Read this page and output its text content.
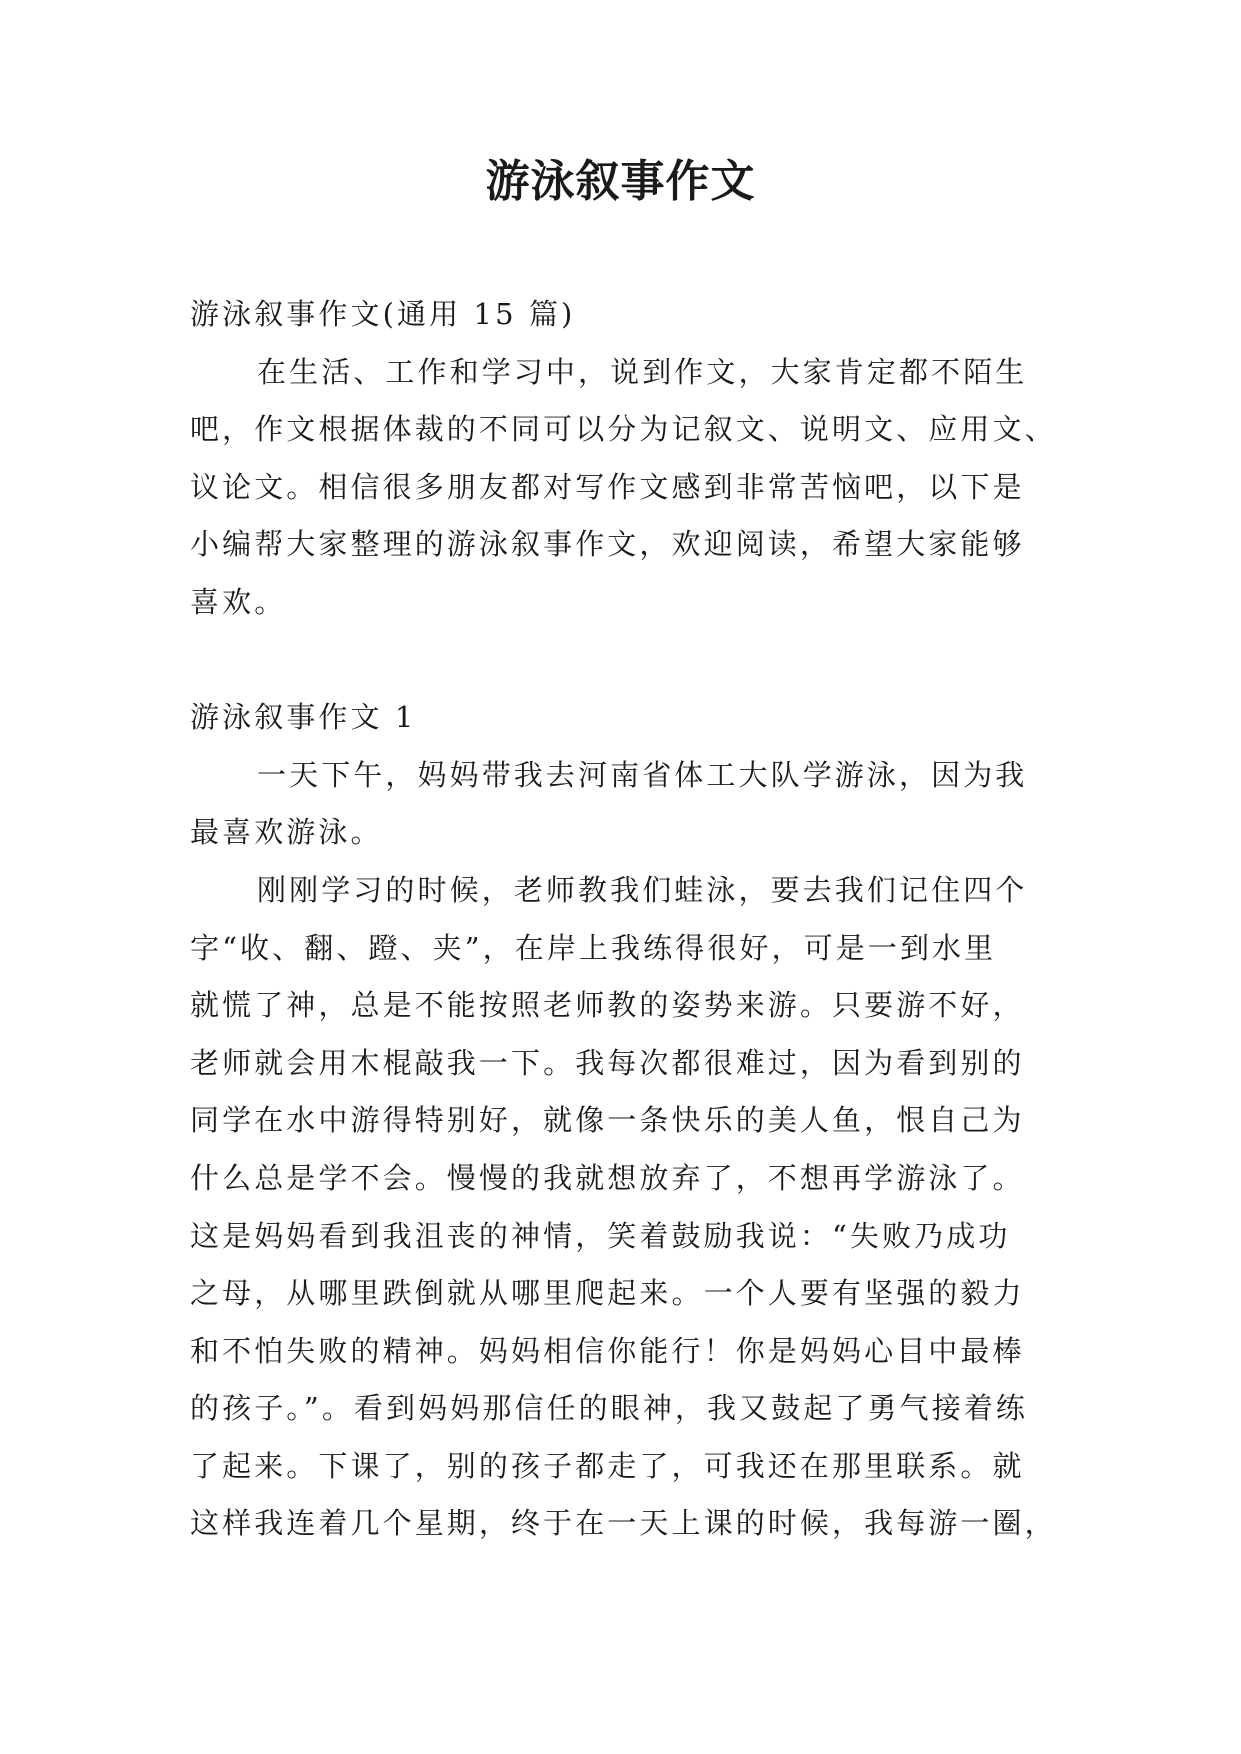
游泳叙事作文
游泳叙事作文(通用 15 篇)
在生活、工作和学习中，说到作文，大家肯定都不陌生
吧，作文根据体裁的不同可以分为记叙文、说明文、应用文、
议论文。相信很多朋友都对写作文感到非常苦恼吧，以下是
小编帮大家整理的游泳叙事作文，欢迎阅读，希望大家能够
喜欢。
游泳叙事作文 1
一天下午，妈妈带我去河南省体工大队学游泳，因为我
最喜欢游泳。
刚刚学习的时候，老师教我们蛙泳，要去我们记住四个
字“收、翻、蹬、夹”，在岸上我练得很好，可是一到水里
就慌了神，总是不能按照老师教的姿势来游。只要游不好，
老师就会用木棍敲我一下。我每次都很难过，因为看到别的
同学在水中游得特别好，就像一条快乐的美人鱼，恨自己为
什么总是学不会。慢慢的我就想放弃了，不想再学游泳了。
这是妈妈看到我沮丧的神情，笑着鼓励我说：“失败乃成功
之母，从哪里跌倒就从哪里爬起来。一个人要有坚强的毅力
和不怕失败的精神。妈妈相信你能行！你是妈妈心目中最棒
的孩子。”。看到妈妈那信任的眼神，我又鼓起了勇气接着练
了起来。下课了，别的孩子都走了，可我还在那里联系。就
这样我连着几个星期，终于在一天上课的时候，我每游一圈，
